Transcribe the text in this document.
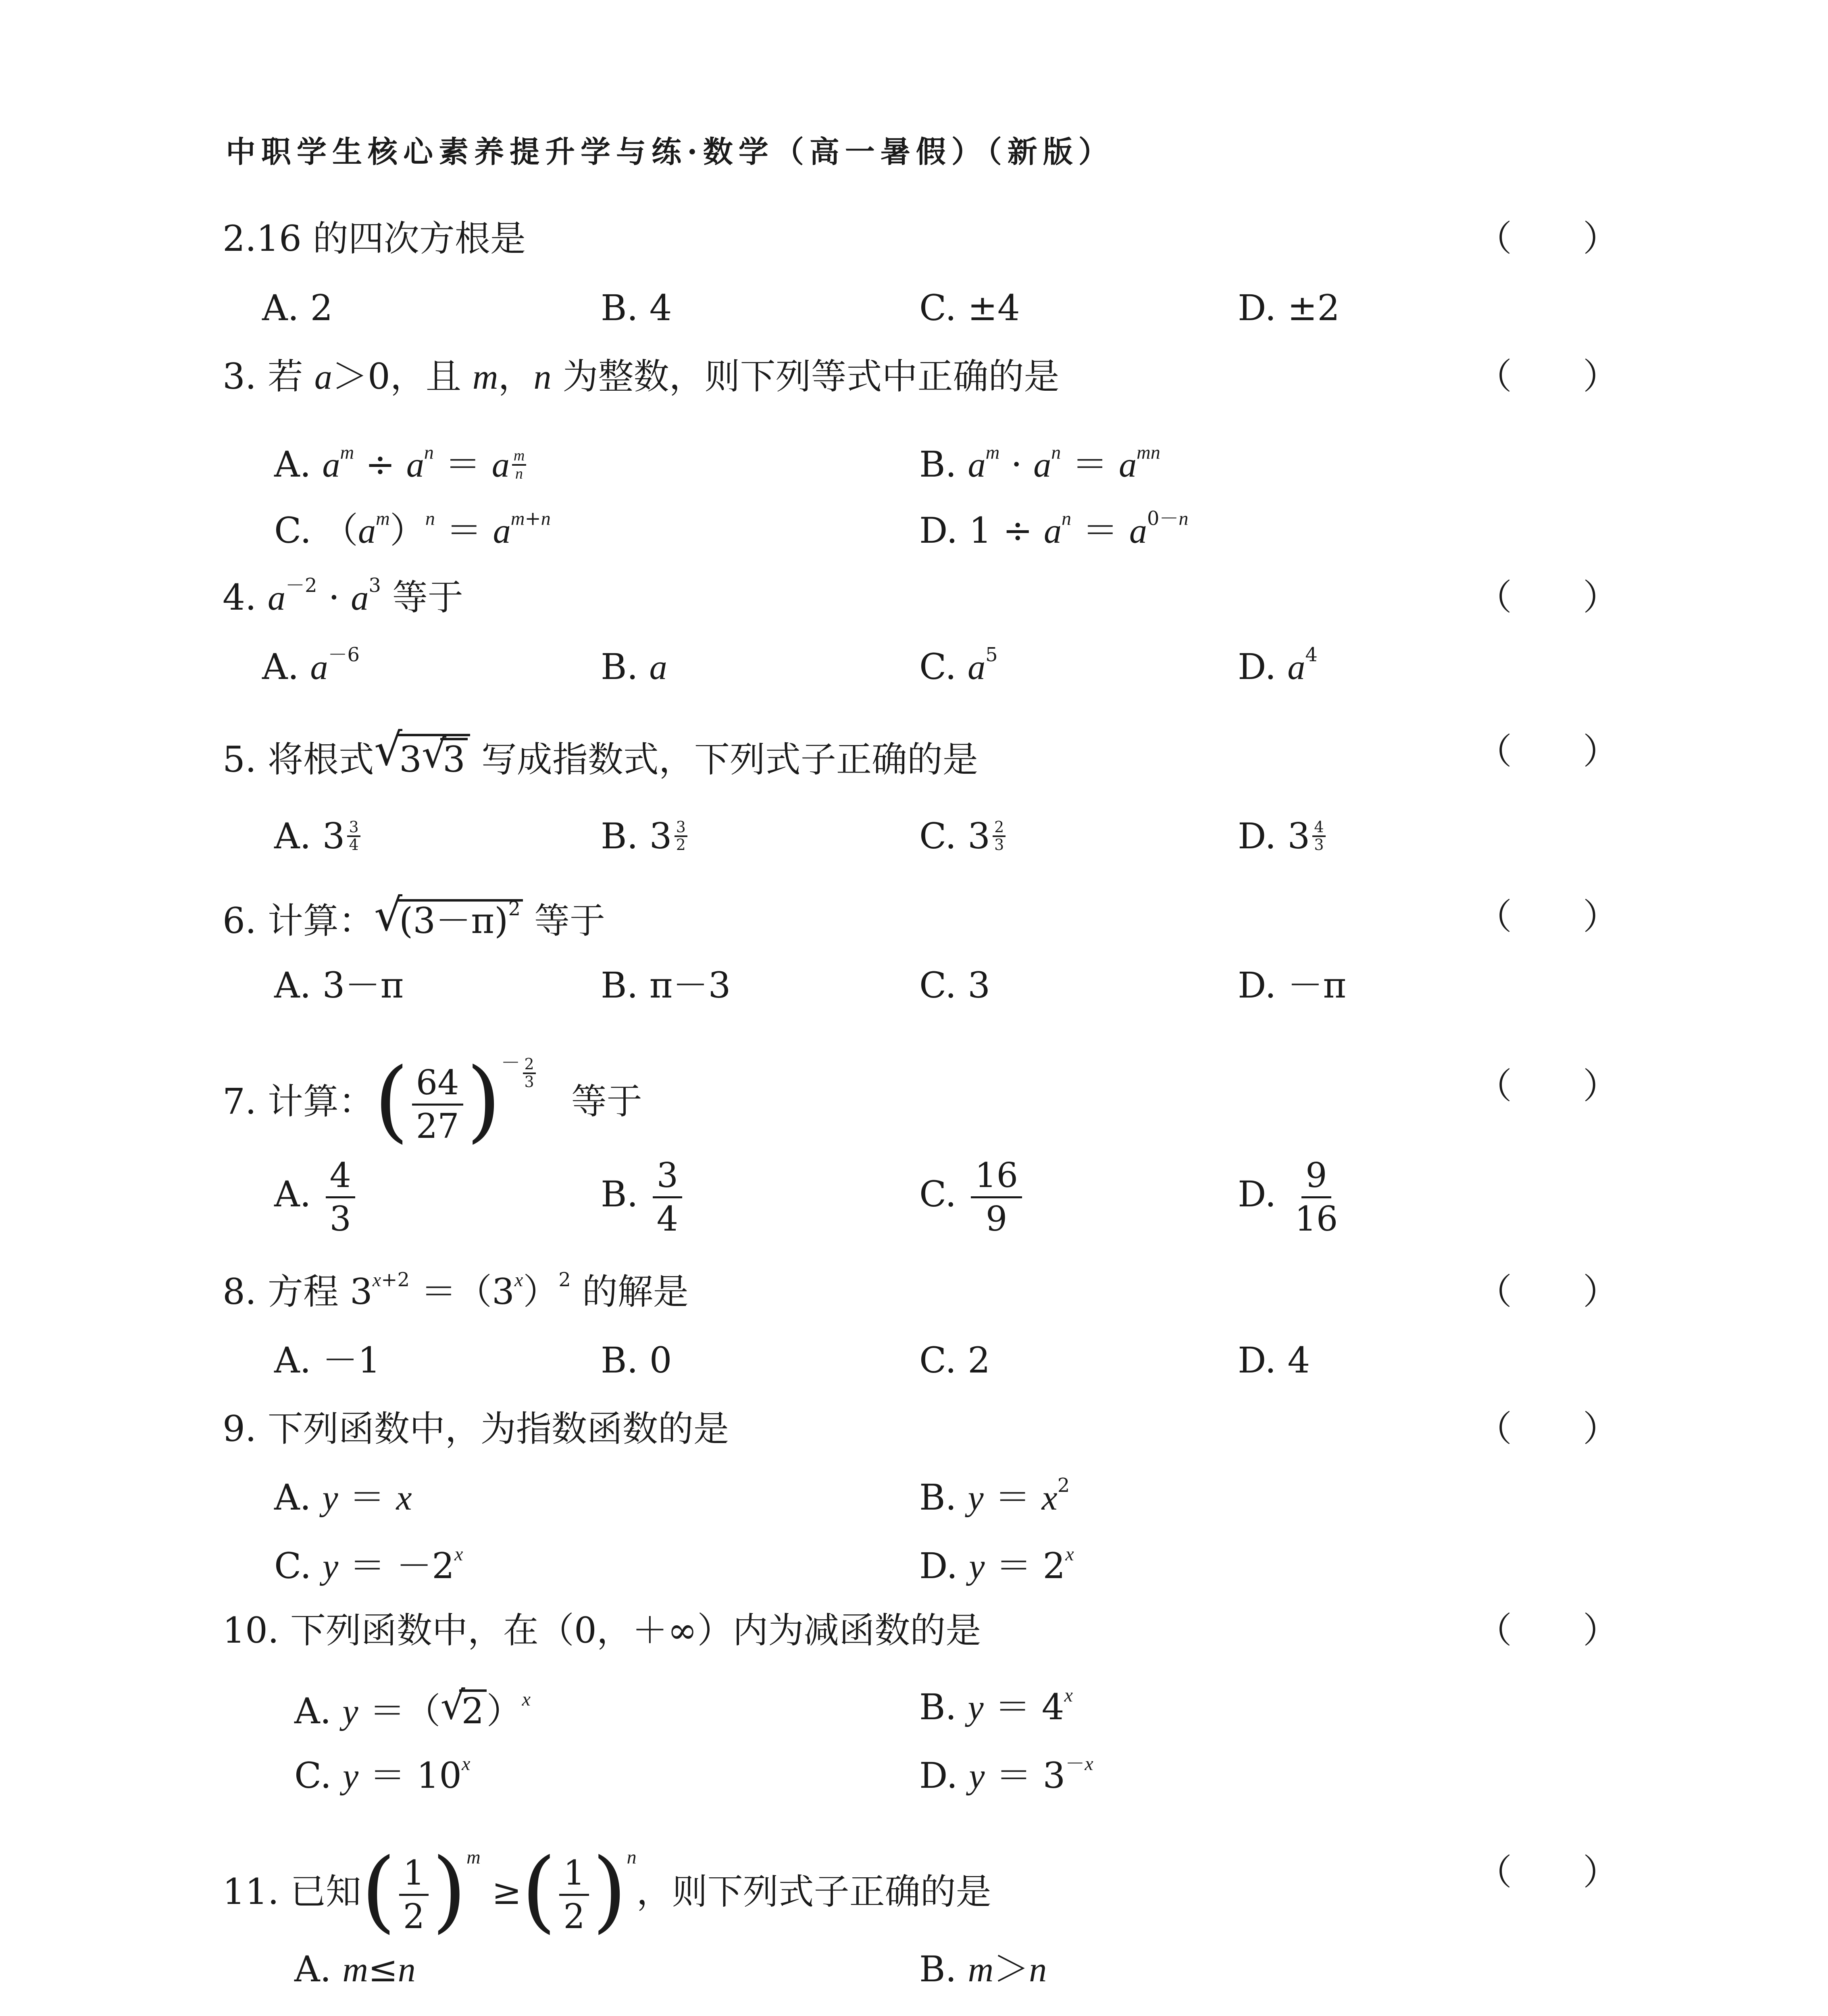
中职学生核心素养提升学与练·数学（高一暑假）（新版）
2.16 的四次方根是	（　　）
A. 2	B. 4	C. ±4	D. ±2
3. 若 a＞0，且 m，n 为整数，则下列等式中正确的是	（　　）
A. $a^m \div a^n = a \frac{m}{n}$	B. $a^m \cdot a^n = a^{mn}$
C. $(a^m)^n = a^{m+n}$	D. $1 \div a^n = a^{0-n}$
4. $a^{-2} \cdot a^3$ 等于	（　　）
A. $a^{-6}$	B. a	C. $a^5$	D. $a^4$
5. 将根式 √
3 √
3 写成指数式，下列式子正确的是	（　　）
A. $3 \frac{3}{4}$	B. $3 \frac{3}{2}$	C. $3 \frac{2}{3}$	D. $3 \frac{4}{3}$
6. 计算： √
$(3-\pi)^2$ 等于	（　　）
A. 3－π	B. π－3	C. 3	D. －π
7. 计算：( $\frac{64}{27} )^{- \frac{2}{3}}$
　等于	（　　）
A. $\frac{4}{3}$	B. $\frac{3}{4}$	C. $\frac{16}{9}$	D. $\frac{9}{16}$
8. 方程 $3^{x+2} =(3^x)^2$ 的解是	（　　）
A. －1	B. 0	C. 2	D. 4
9. 下列函数中，为指数函数的是	（　　）
A. y ＝ x	B. $y = x^2$
C. $y = -2^x$	D. $y = 2^x$
10. 下列函数中，在（0，＋∞）内为减函数的是	（　　）
A. y ＝（ √
2）$^x$	B. $y = 4^x$
C. $y = 10^x$	D. $y = 3^{-x}$
11. 已知( $\frac{1}{2} )^m$ ≥( $\frac{1}{2} )^n$，则下列式子正确的是	（　　）
A. m≤n	B. m＞n
